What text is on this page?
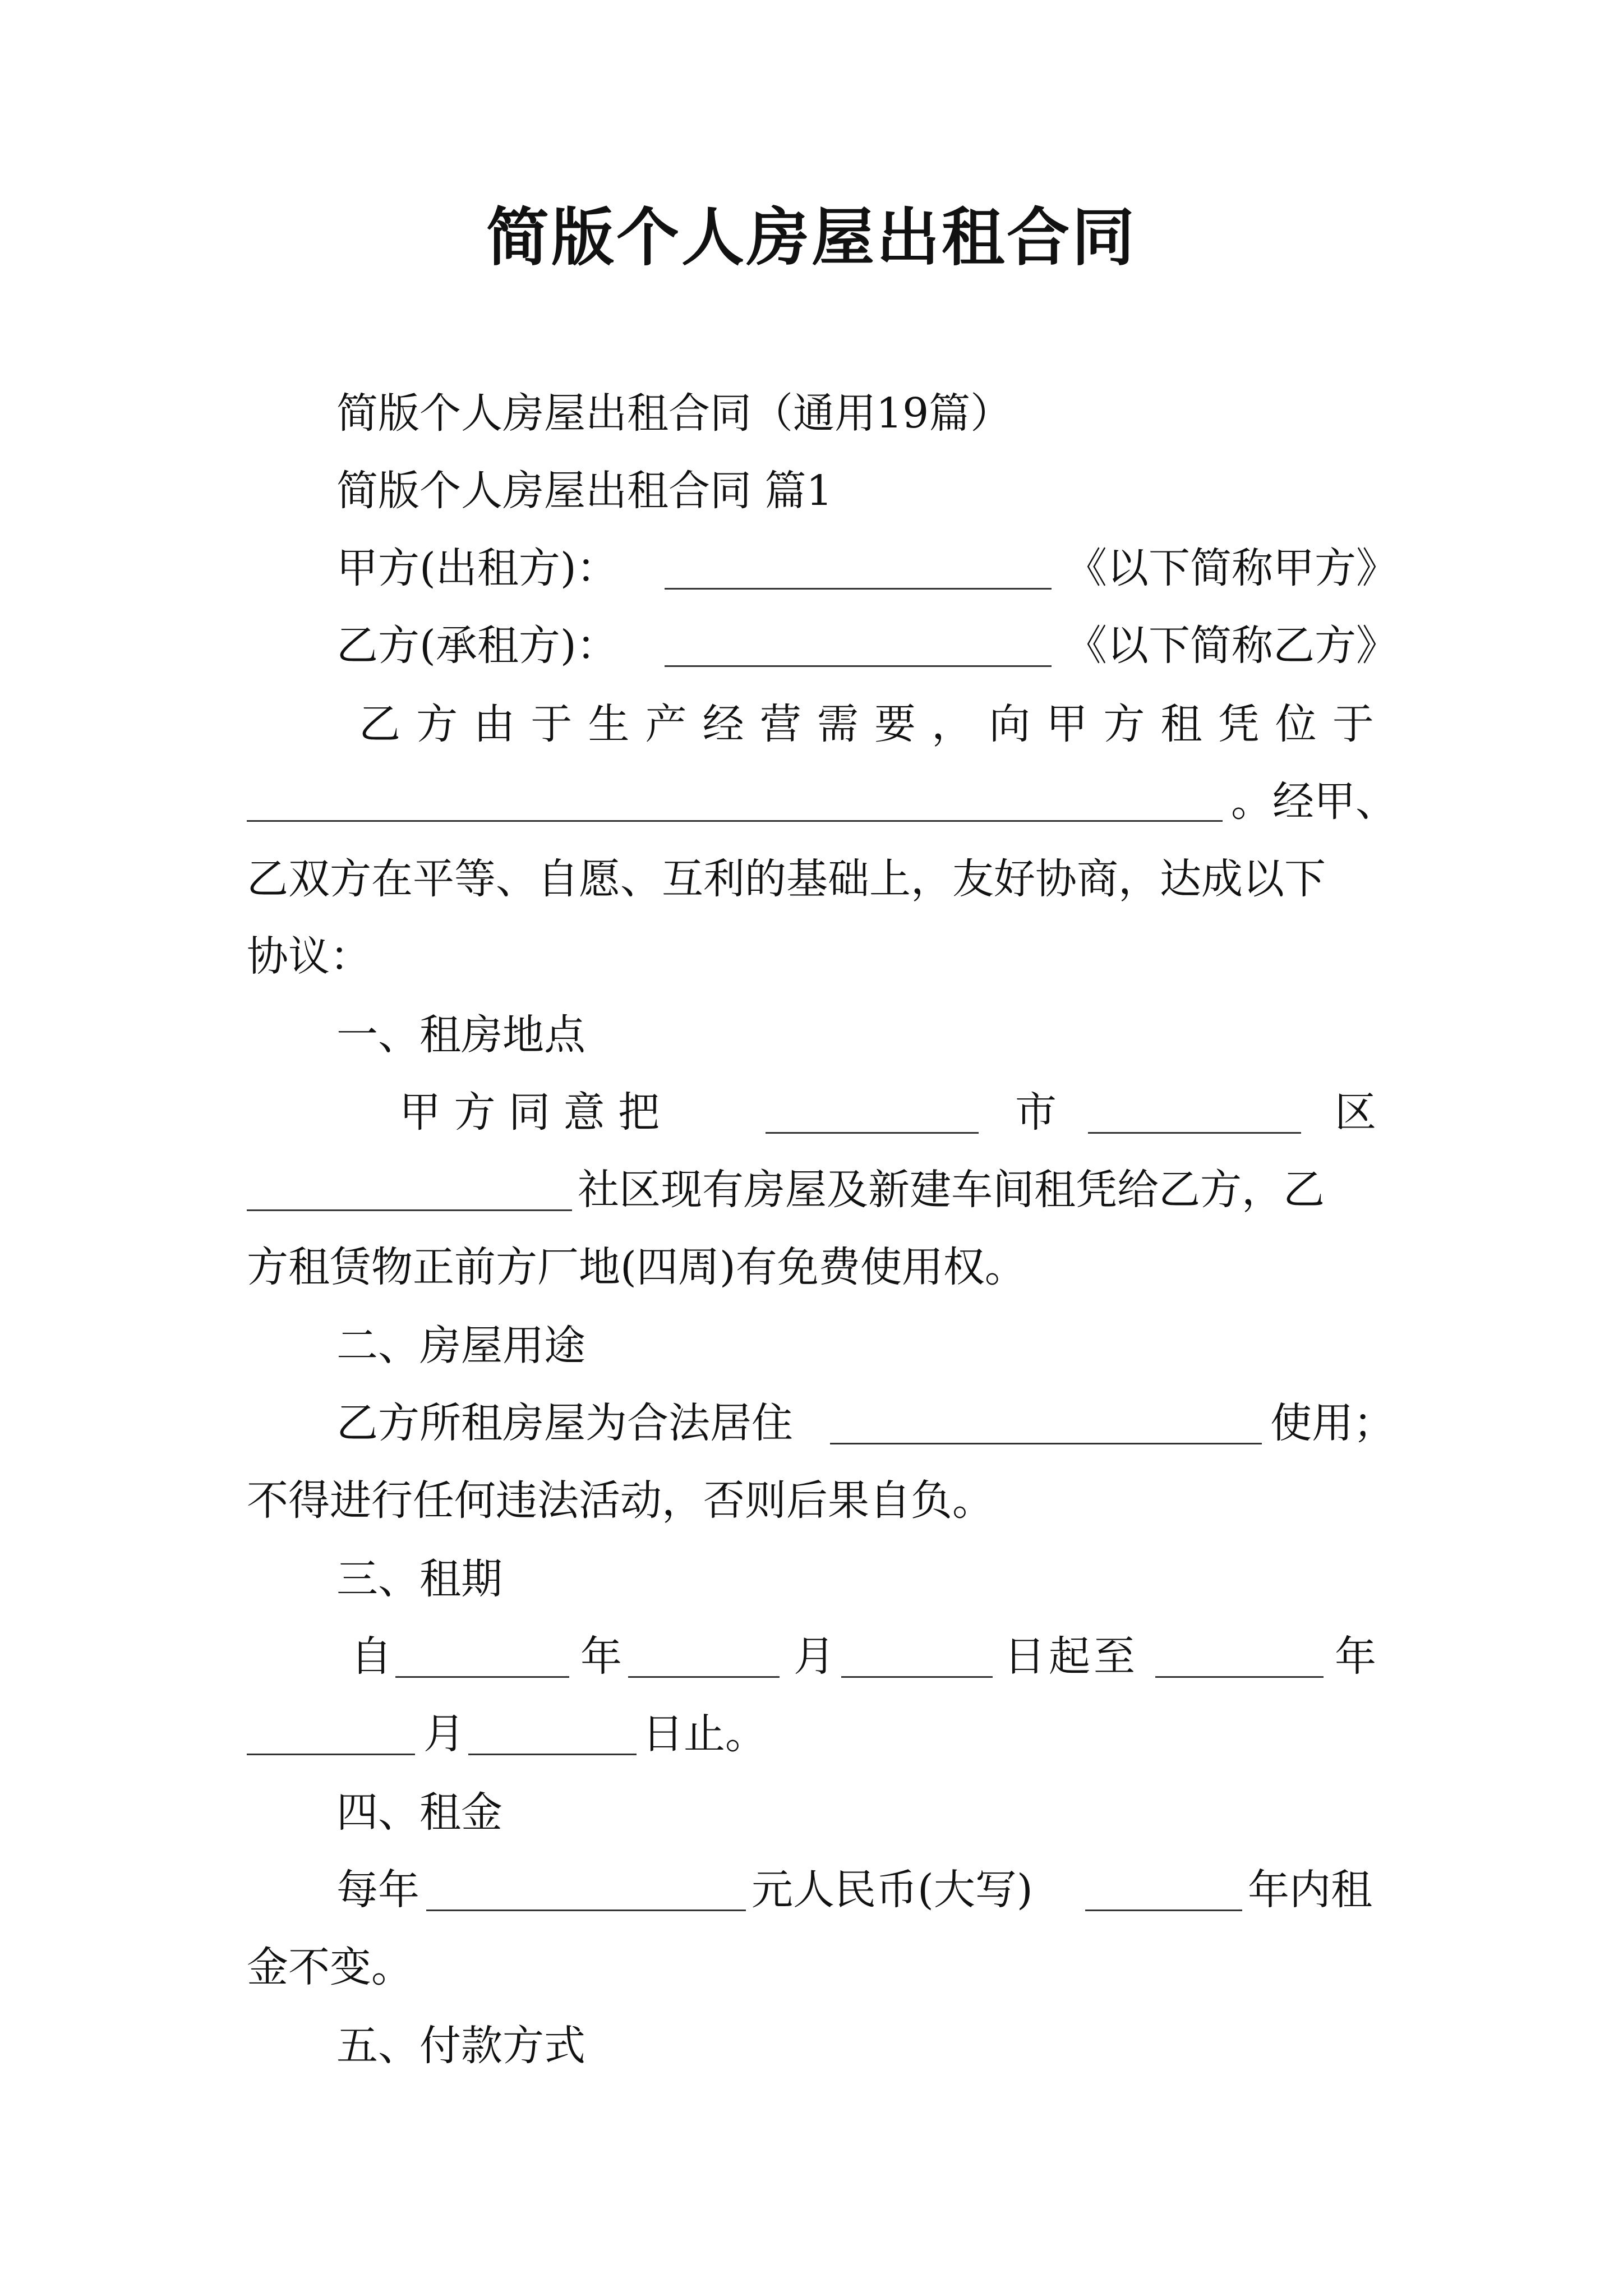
简版个人房屋出租合同
简版个人房屋出租合同（通用19篇）
简版个人房屋出租合同 篇1
甲方(出租方)：	《以下简称甲方》
乙方(承租方)：	《以下简称乙方》
乙 方 由 于 生 产 经 营 需 要 ， 向 甲 方 租 凭 位 于
。经甲、
乙双方在平等、自愿、互利的基础上，友好协商，达成以下
协议：
一、租房地点
甲 方 同 意 把	市	区
社区现有房屋及新建车间租凭给乙方，乙
方租赁物正前方厂地(四周)有免费使用权。
二、房屋用途
乙方所租房屋为合法居住	使用；
不得进行任何违法活动，否则后果自负。
三、租期
自	年	月	日起至	年
月	日止。
四、租金
每年	元人民币(大写)	年内租
金不变。
五、付款方式
